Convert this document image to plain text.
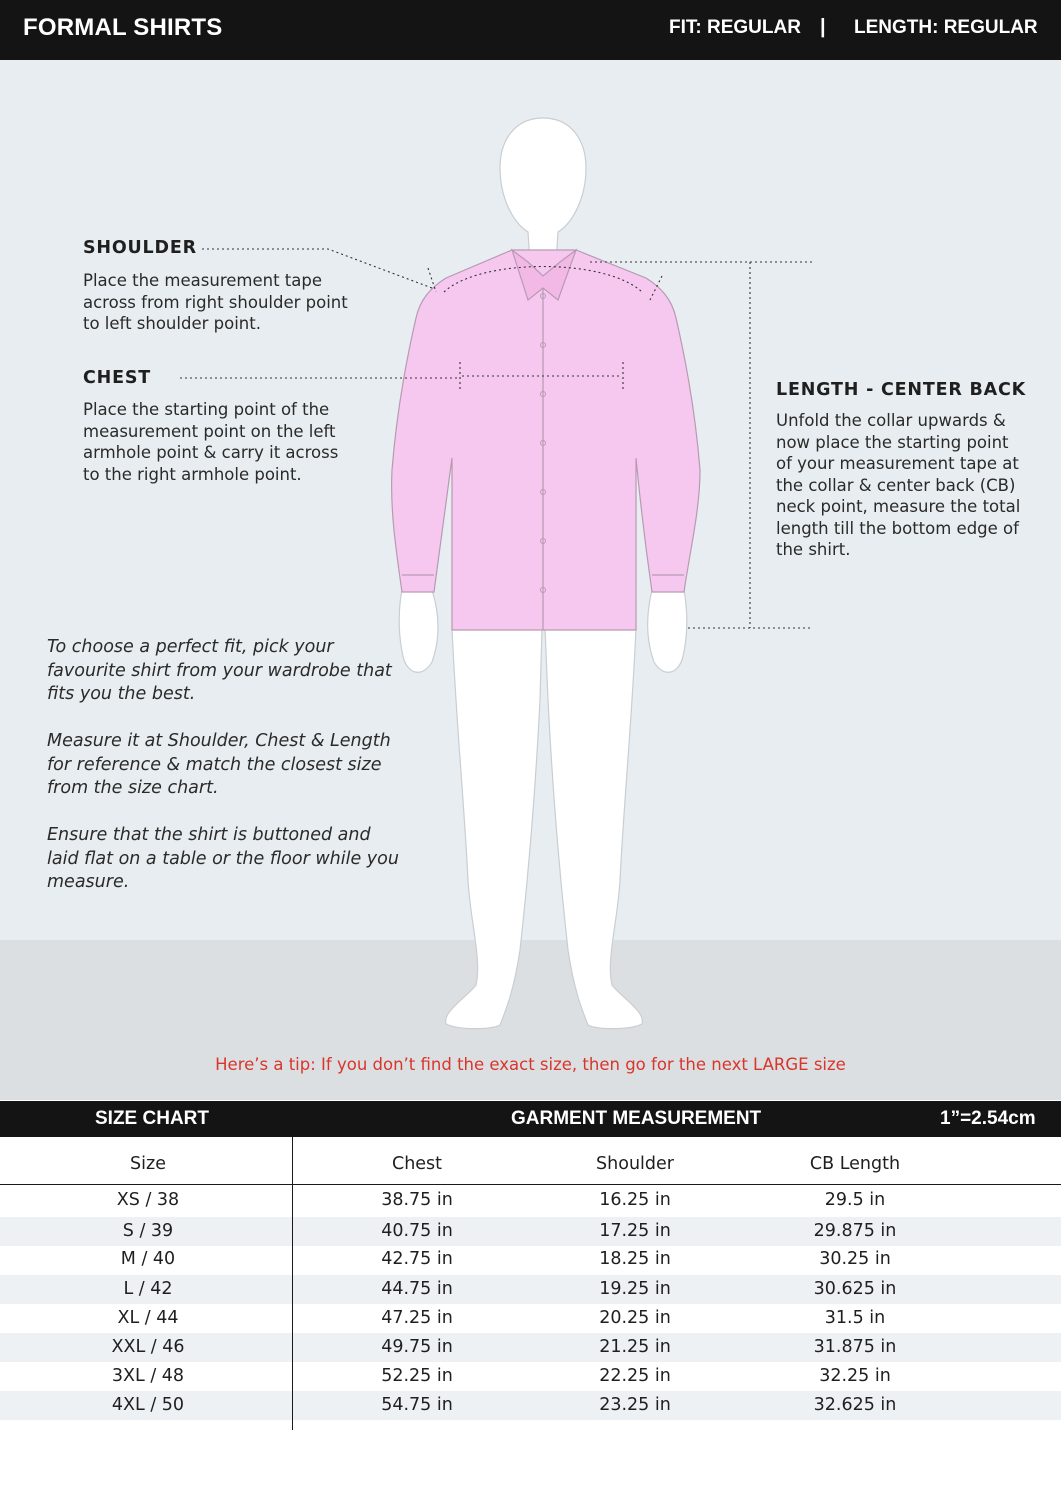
FORMAL SHIRTS	FIT: REGULAR | LENGTH: REGULAR
SHOULDER
Place the measurement tape
across from right shoulder point
to left shoulder point.
CHEST
Place the starting point of the
measurement point on the left
armhole point & carry it across
to the right armhole point.
LENGTH - CENTER BACK
Unfold the collar upwards &
now place the starting point
of your measurement tape at
the collar & center back (CB)
neck point, measure the total
length till the bottom edge of
the shirt.
To choose a perfect fit, pick your
favourite shirt from your wardrobe that
fits you the best.
Measure it at Shoulder, Chest & Length
for reference & match the closest size
from the size chart.
Ensure that the shirt is buttoned and
laid flat on a table or the floor while you
measure.
Here’s a tip: If you don’t find the exact size, then go for the next LARGE size
SIZE CHART	GARMENT MEASUREMENT	1”=2.54cm
Size	Chest	Shoulder	CB Length
XS / 38	38.75 in	16.25 in	29.5 in
S / 39	40.75 in	17.25 in	29.875 in
M / 40	42.75 in	18.25 in	30.25 in
L / 42	44.75 in	19.25 in	30.625 in
XL / 44	47.25 in	20.25 in	31.5 in
XXL / 46	49.75 in	21.25 in	31.875 in
3XL / 48	52.25 in	22.25 in	32.25 in
4XL / 50	54.75 in	23.25 in	32.625 in
